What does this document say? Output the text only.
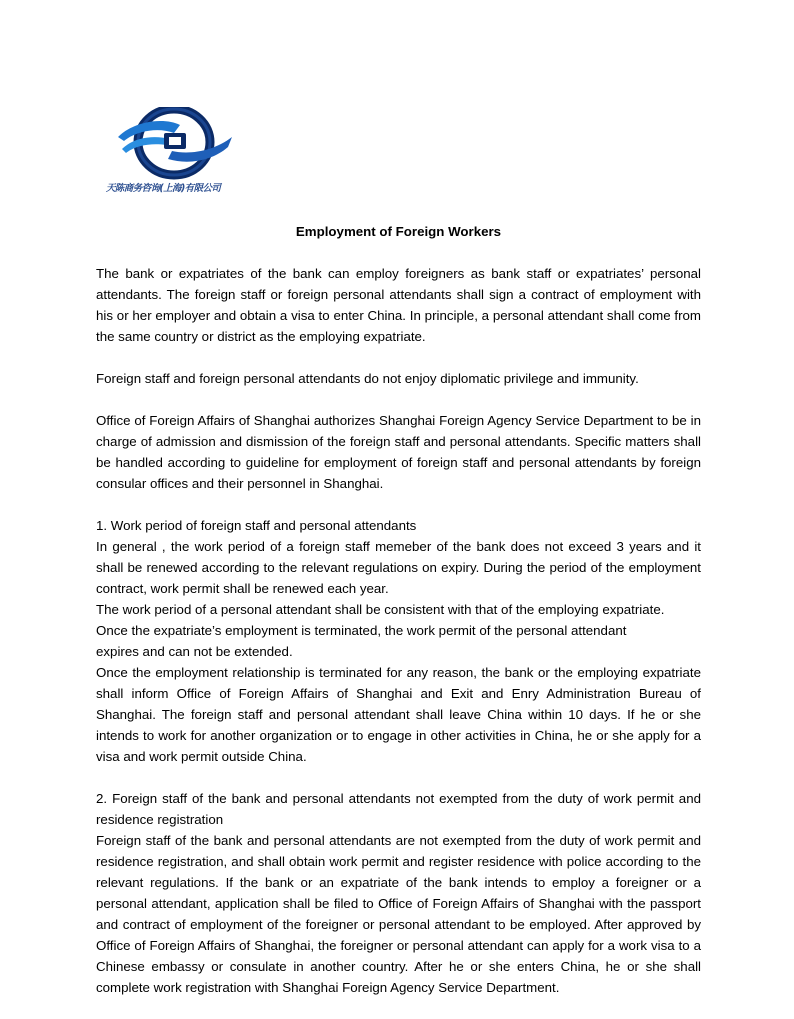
天陈商务咨询(上海)有限公司
Employment of Foreign Workers

The bank or expatriates of the bank can employ foreigners as bank staff or expatriates’ personal attendants. The foreign staff or foreign personal attendants shall sign a contract of employment with his or her employer and obtain a visa to enter China. In principle, a personal attendant shall come from the same country or district as the employing expatriate.

Foreign staff and foreign personal attendants do not enjoy diplomatic privilege and immunity.

Office of Foreign Affairs of Shanghai authorizes Shanghai Foreign Agency Service Department to be in charge of admission and dismission of the foreign staff and personal attendants. Specific matters shall be handled according to guideline for employment of foreign staff and personal attendants by foreign consular offices and their personnel in Shanghai.

1. Work period of foreign staff and personal attendants

In general , the work period of a foreign staff memeber of the bank does not exceed 3 years and it shall be renewed according to the relevant regulations on expiry. During the period of the employment contract, work permit shall be renewed each year.

The work period of a personal attendant shall be consistent with that of the employing expatriate.

Once the expatriate’s employment is terminated, the work permit of the personal attendant

expires and can not be extended.

Once the employment relationship is terminated for any reason, the bank or the employing expatriate shall inform Office of Foreign Affairs of Shanghai and Exit and Enry Administration Bureau of Shanghai. The foreign staff and personal attendant shall leave China within 10 days. If he or she intends to work for another organization or to engage in other activities in China, he or she apply for a visa and work permit outside China.

2. Foreign staff of the bank and personal attendants not exempted from the duty of work permit and residence registration

Foreign staff of the bank and personal attendants are not exempted from the duty of work permit and residence registration, and shall obtain work permit and register residence with police according to the relevant regulations. If the bank or an expatriate of the bank intends to employ a foreigner or a personal attendant, application shall be filed to Office of Foreign Affairs of Shanghai with the passport and contract of employment of the foreigner or personal attendant to be employed. After approved by Office of Foreign Affairs of Shanghai, the foreigner or personal attendant can apply for a work visa to a Chinese embassy or consulate in another country. After he or she enters China, he or she shall complete work registration with Shanghai Foreign Agency Service Department.
